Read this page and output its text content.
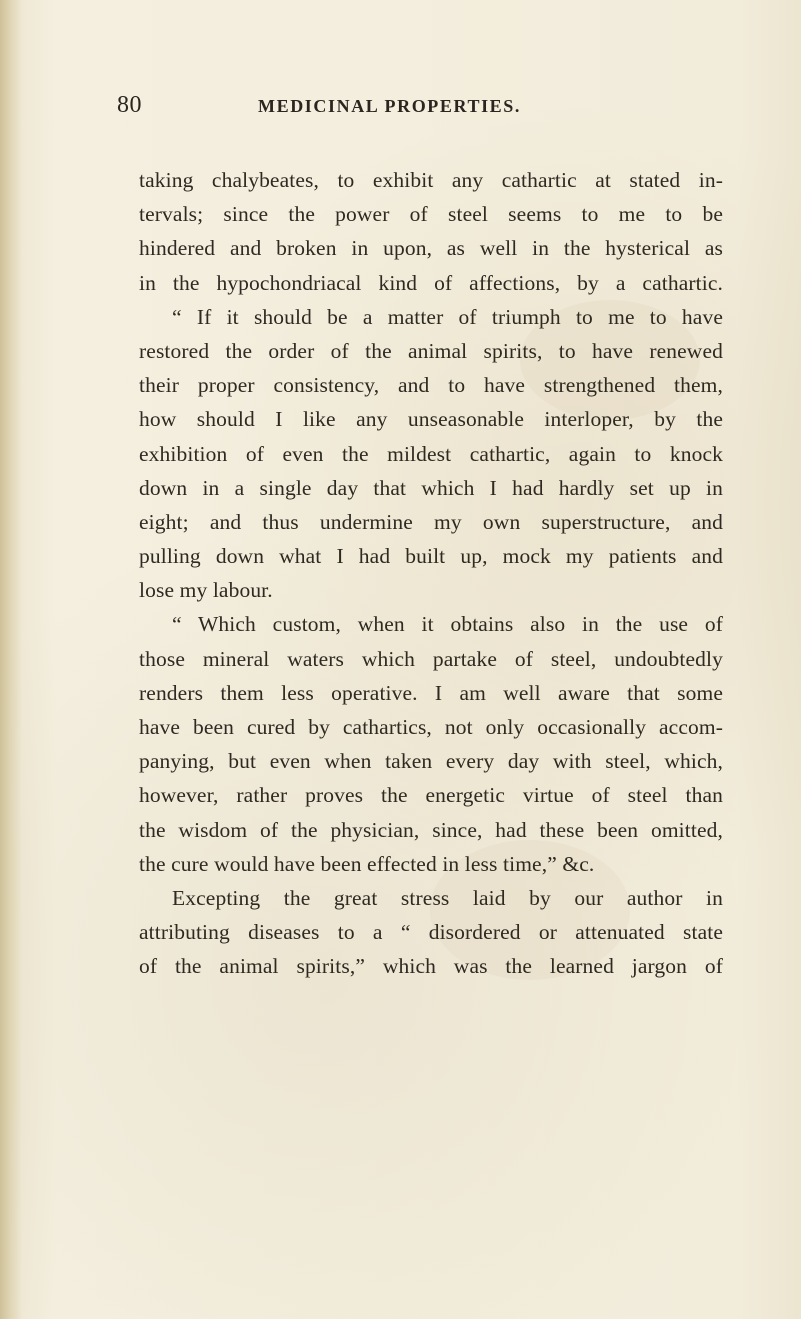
80	MEDICINAL PROPERTIES.
taking chalybeates, to exhibit any cathartic at stated in-
tervals; since the power of steel seems to me to be
hindered and broken in upon, as well in the hysterical as
in the hypochondriacal kind of affections, by a cathartic.
“ If it should be a matter of triumph to me to have
restored the order of the animal spirits, to have renewed
their proper consistency, and to have strengthened them,
how should I like any unseasonable interloper, by the
exhibition of even the mildest cathartic, again to knock
down in a single day that which I had hardly set up in
eight; and thus undermine my own superstructure, and
pulling down what I had built up, mock my patients and
lose my labour.
“ Which custom, when it obtains also in the use of
those mineral waters which partake of steel, undoubtedly
renders them less operative. I am well aware that some
have been cured by cathartics, not only occasionally accom-
panying, but even when taken every day with steel, which,
however, rather proves the energetic virtue of steel than
the wisdom of the physician, since, had these been omitted,
the cure would have been effected in less time,” &c.
Excepting the great stress laid by our author in
attributing diseases to a “ disordered or attenuated state
of the animal spirits,” which was the learned jargon of
